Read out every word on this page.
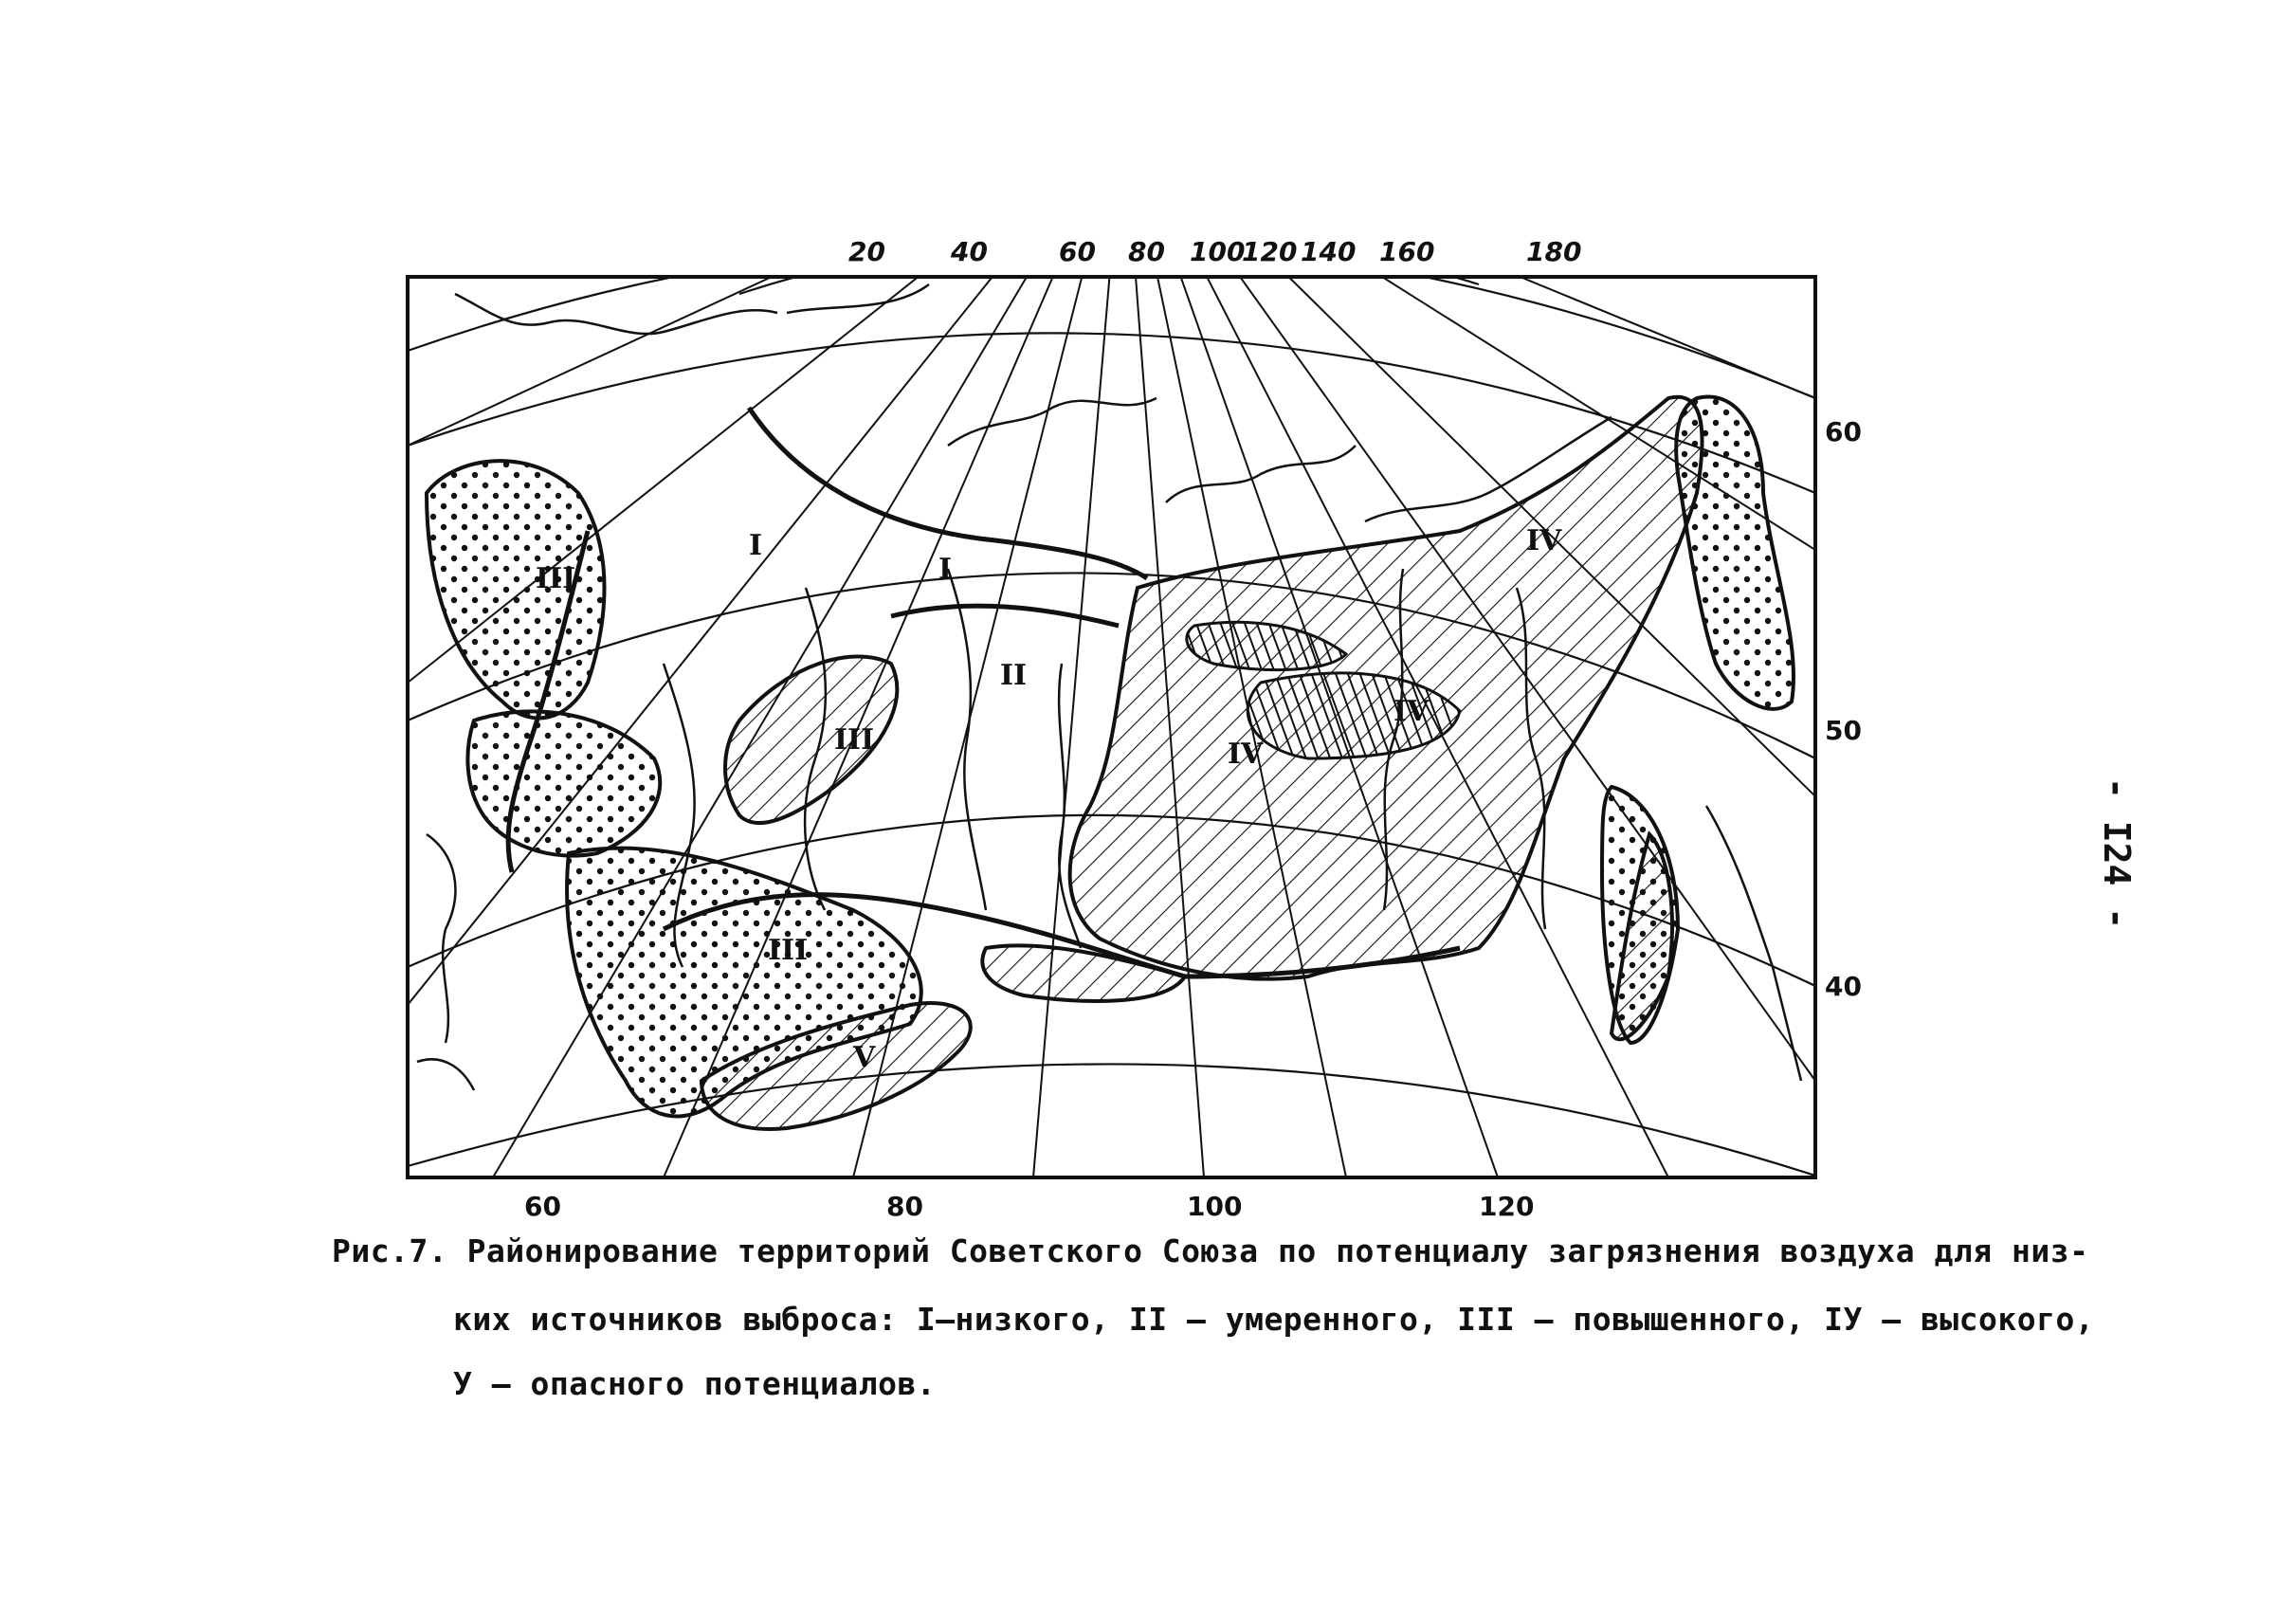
I
I
II
III
III
III	IV
IV
IV
V
20 40	60 80 100
120 140 160	180
60	80	100	120
60
50
40
- I24 -
Рис.7. Районирование территорий Советского Союза по потенциалу загрязнения воздуха для низ-
ких источников выброса: I–низкого, II – умеренного, III – повышенного, IУ – высокого,
У – опасного потенциалов.
